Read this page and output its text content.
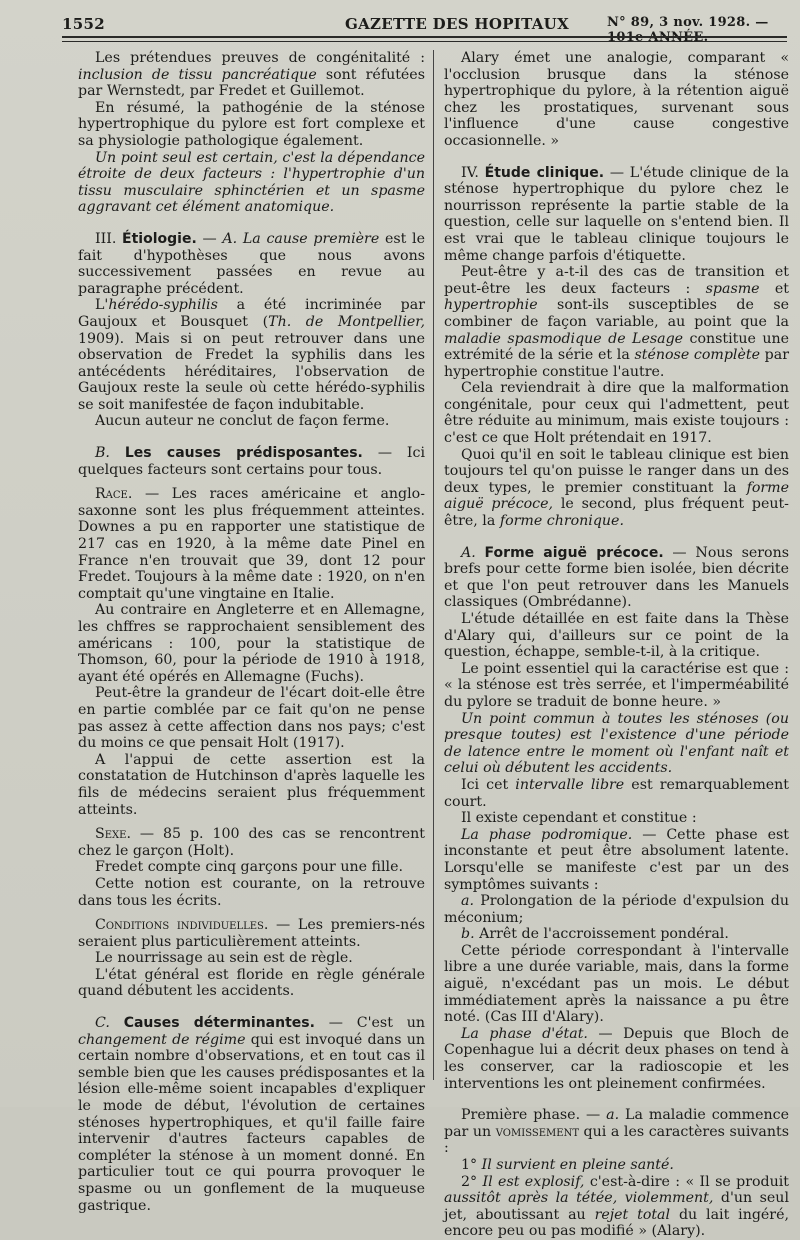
1552	GAZETTE DES HOPITAUX	N° 89, 3 nov. 1928. — 101e ANNÉE.

Les prétendues preuves de congénitalité : inclusion de tissu pancréatique sont réfutées par Wernstedt, par Fredet et Guillemot.

En résumé, la pathogénie de la sténose hypertrophique du pylore est fort complexe et sa physiologie pathologique également.

Un point seul est certain, c'est la dépendance étroite de deux facteurs : l'hypertrophie d'un tissu musculaire sphinctérien et un spasme aggravant cet élément anatomique.

III. Étiologie. — A. La cause première est le fait d'hypothèses que nous avons successivement passées en revue au paragraphe précédent.

L'hérédo-syphilis a été incriminée par Gaujoux et Bousquet (Th. de Montpellier, 1909). Mais si on peut retrouver dans une observation de Fredet la syphilis dans les antécédents héréditaires, l'observation de Gaujoux reste la seule où cette hérédo-syphilis se soit manifestée de façon indubitable.

Aucun auteur ne conclut de façon ferme.

B. Les causes prédisposantes. — Ici quelques facteurs sont certains pour tous.

Race. — Les races américaine et anglo-saxonne sont les plus fréquemment atteintes. Downes a pu en rapporter une statistique de 217 cas en 1920, à la même date Pinel en France n'en trouvait que 39, dont 12 pour Fredet. Toujours à la même date : 1920, on n'en comptait qu'une vingtaine en Italie.

Au contraire en Angleterre et en Allemagne, les chffres se rapprochaient sensiblement des américans : 100, pour la statistique de Thomson, 60, pour la période de 1910 à 1918, ayant été opérés en Allemagne (Fuchs).

Peut-être la grandeur de l'écart doit-elle être en partie comblée par ce fait qu'on ne pense pas assez à cette affection dans nos pays; c'est du moins ce que pensait Holt (1917).

A l'appui de cette assertion est la constatation de Hutchinson d'après laquelle les fils de médecins seraient plus fréquemment atteints.

Sexe. — 85 p. 100 des cas se rencontrent chez le garçon (Holt).

Fredet compte cinq garçons pour une fille.

Cette notion est courante, on la retrouve dans tous les écrits.

Conditions individuelles. — Les premiers-nés seraient plus particulièrement atteints.

Le nourrissage au sein est de règle.

L'état général est floride en règle générale quand débutent les accidents.

C. Causes déterminantes. — C'est un changement de régime qui est invoqué dans un certain nombre d'observations, et en tout cas il semble bien que les causes prédisposantes et la lésion elle-même soient incapables d'expliquer le mode de début, l'évolution de certaines sténoses hypertrophiques, et qu'il faille faire intervenir d'autres facteurs capables de compléter la sténose à un moment donné. En particulier tout ce qui pourra provoquer le spasme ou un gonflement de la muqueuse gastrique.

Alary émet une analogie, comparant « l'occlusion brusque dans la sténose hypertrophique du pylore, à la rétention aiguë chez les prostatiques, survenant sous l'influence d'une cause congestive occasionnelle. »

IV. Étude clinique. — L'étude clinique de la sténose hypertrophique du pylore chez le nourrisson représente la partie stable de la question, celle sur laquelle on s'entend bien. Il est vrai que le tableau clinique toujours le même change parfois d'étiquette.

Peut-être y a-t-il des cas de transition et peut-être les deux facteurs : spasme et hypertrophie sont-ils susceptibles de se combiner de façon variable, au point que la maladie spasmodique de Lesage constitue une extrémité de la série et la sténose complète par hypertrophie constitue l'autre.

Cela reviendrait à dire que la malformation congénitale, pour ceux qui l'admettent, peut être réduite au minimum, mais existe toujours : c'est ce que Holt prétendait en 1917.

Quoi qu'il en soit le tableau clinique est bien toujours tel qu'on puisse le ranger dans un des deux types, le premier constituant la forme aiguë précoce, le second, plus fréquent peut-être, la forme chronique.

A. Forme aiguë précoce. — Nous serons brefs pour cette forme bien isolée, bien décrite et que l'on peut retrouver dans les Manuels classiques (Ombrédanne).

L'étude détaillée en est faite dans la Thèse d'Alary qui, d'ailleurs sur ce point de la question, échappe, semble-t-il, à la critique.

Le point essentiel qui la caractérise est que : « la sténose est très serrée, et l'imperméabilité du pylore se traduit de bonne heure. »

Un point commun à toutes les sténoses (ou presque toutes) est l'existence d'une période de latence entre le moment où l'enfant naît et celui où débutent les accidents.

Ici cet intervalle libre est remarquablement court.

Il existe cependant et constitue :

La phase podromique. — Cette phase est inconstante et peut être absolument latente. Lorsqu'elle se manifeste c'est par un des symptômes suivants :

a. Prolongation de la période d'expulsion du méconium;

b. Arrêt de l'accroissement pondéral.

Cette période correspondant à l'intervalle libre a une durée variable, mais, dans la forme aiguë, n'excédant pas un mois. Le début immédiatement après la naissance a pu être noté. (Cas III d'Alary).

La phase d'état. — Depuis que Bloch de Copenhague lui a décrit deux phases on tend à les conserver, car la radioscopie et les interventions les ont pleinement confirmées.

Première phase. — a. La maladie commence par un vomissement qui a les caractères suivants :

1° Il survient en pleine santé.

2° Il est explosif, c'est-à-dire : « Il se produit aussitôt après la tétée, violemment, d'un seul jet, aboutissant au rejet total du lait ingéré, encore peu ou pas modifié » (Alary).
